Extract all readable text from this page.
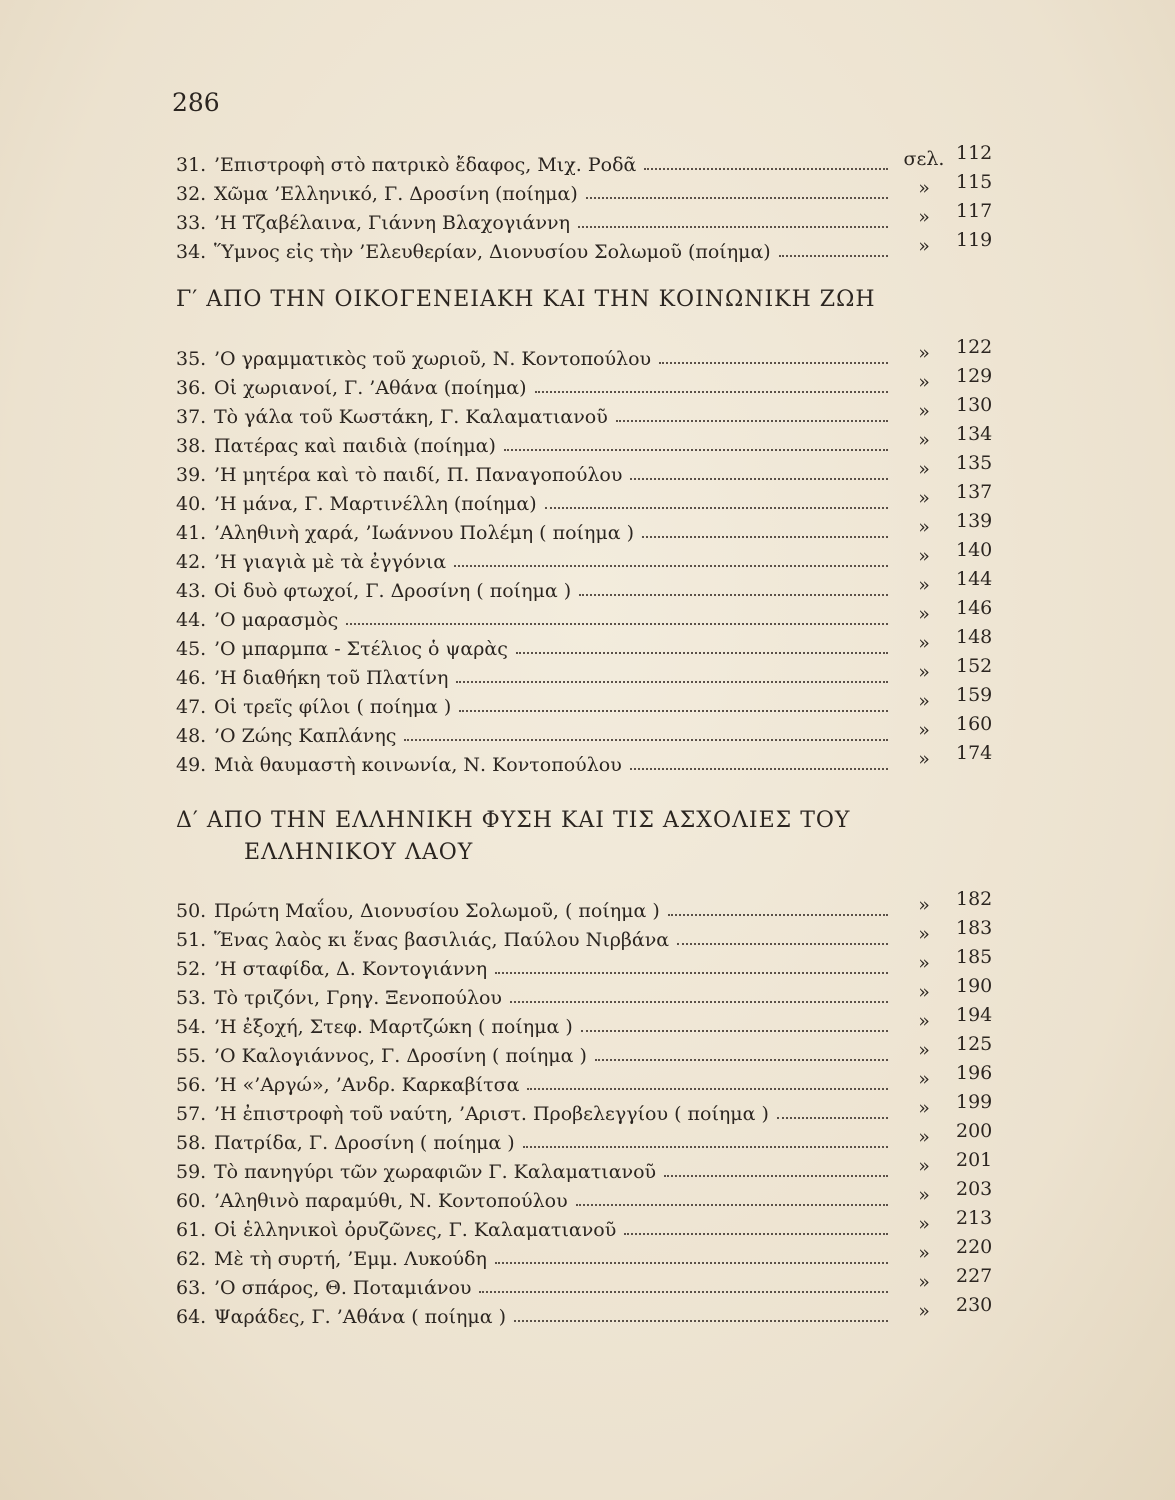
286
31. ’Επιστροφὴ στὸ πατρικὸ ἔδαφος, Μιχ. Ροδᾶ	σελ. 112
32. Χῶμα ’Ελληνικό, Γ. Δροσίνη (ποίημα)	»	115
33. ’Η Τζαβέλαινα, Γιάννη Βλαχογιάννη	»	117
34. Ὕμνος εἰς τὴν ’Ελευθερίαν, Διονυσίου Σολωμοῦ (ποίημα)	»	119
Γ′ ΑΠΟ ΤΗΝ ΟΙΚΟΓΕΝΕΙΑΚΗ ΚΑΙ ΤΗΝ ΚΟΙΝΩΝΙΚΗ ΖΩΗ
35. ’Ο γραμματικὸς τοῦ χωριοῦ, Ν. Κοντοπούλου	»	122
36. Οἱ χωριανοί, Γ. ’Αθάνα (ποίημα)	»	129
37. Τὸ γάλα τοῦ Κωστάκη, Γ. Καλαματιανοῦ	»	130
38. Πατέρας καὶ παιδιὰ (ποίημα)	»	134
39. ’Η μητέρα καὶ τὸ παιδί, Π. Παναγοπούλου	»	135
40. ’Η μάνα, Γ. Μαρτινέλλη (ποίημα)	»	137
41. ’Αληθινὴ χαρά, ’Ιωάννου Πολέμη ( ποίημα )	»	139
42. ’Η γιαγιὰ μὲ τὰ ἐγγόνια	»	140
43. Οἱ δυὸ φτωχοί, Γ. Δροσίνη ( ποίημα )	»	144
44. ’Ο μαρασμὸς	»	146
45. ’Ο μπαρμπα - Στέλιος ὁ ψαρὰς	»	148
46. ’Η διαθήκη τοῦ Πλατίνη	»	152
47. Οἱ τρεῖς φίλοι ( ποίημα )	»	159
48. ’Ο Ζώης Καπλάνης	»	160
49. Μιὰ θαυμαστὴ κοινωνία, Ν. Κοντοπούλου	»	174
Δ′ ΑΠΟ ΤΗΝ ΕΛΛΗΝΙΚΗ ΦΥΣΗ ΚΑΙ ΤΙΣ ΑΣΧΟΛΙΕΣ ΤΟΥ
ΕΛΛΗΝΙΚΟΥ ΛΑΟΥ
50. Πρώτη Μαΐου, Διονυσίου Σολωμοῦ, ( ποίημα )	»	182
51. Ἕνας λαὸς κι ἕνας βασιλιάς, Παύλου Νιρβάνα	»	183
52. ’Η σταφίδα, Δ. Κοντογιάννη	»	185
53. Τὸ τριζόνι, Γρηγ. Ξενοπούλου	»	190
54. ’Η ἐξοχή, Στεφ. Μαρτζώκη ( ποίημα )	»	194
55. ’Ο Καλογιάννος, Γ. Δροσίνη ( ποίημα )	»	125
56. ’Η «’Αργώ», ’Ανδρ. Καρκαβίτσα	»	196
57. ’Η ἐπιστροφὴ τοῦ ναύτη, ’Αριστ. Προβελεγγίου ( ποίημα )	»	199
58. Πατρίδα, Γ. Δροσίνη ( ποίημα )	»	200
59. Τὸ πανηγύρι τῶν χωραφιῶν Γ. Καλαματιανοῦ	»	201
60. ’Αληθινὸ παραμύθι, Ν. Κοντοπούλου	»	203
61. Οἱ ἑλληνικοὶ ὀρυζῶνες, Γ. Καλαματιανοῦ	»	213
62. Μὲ τὴ συρτή, ’Εμμ. Λυκούδη	»	220
63. ’Ο σπάρος, Θ. Ποταμιάνου	»	227
64. Ψαράδες, Γ. ’Αθάνα ( ποίημα )	»	230
